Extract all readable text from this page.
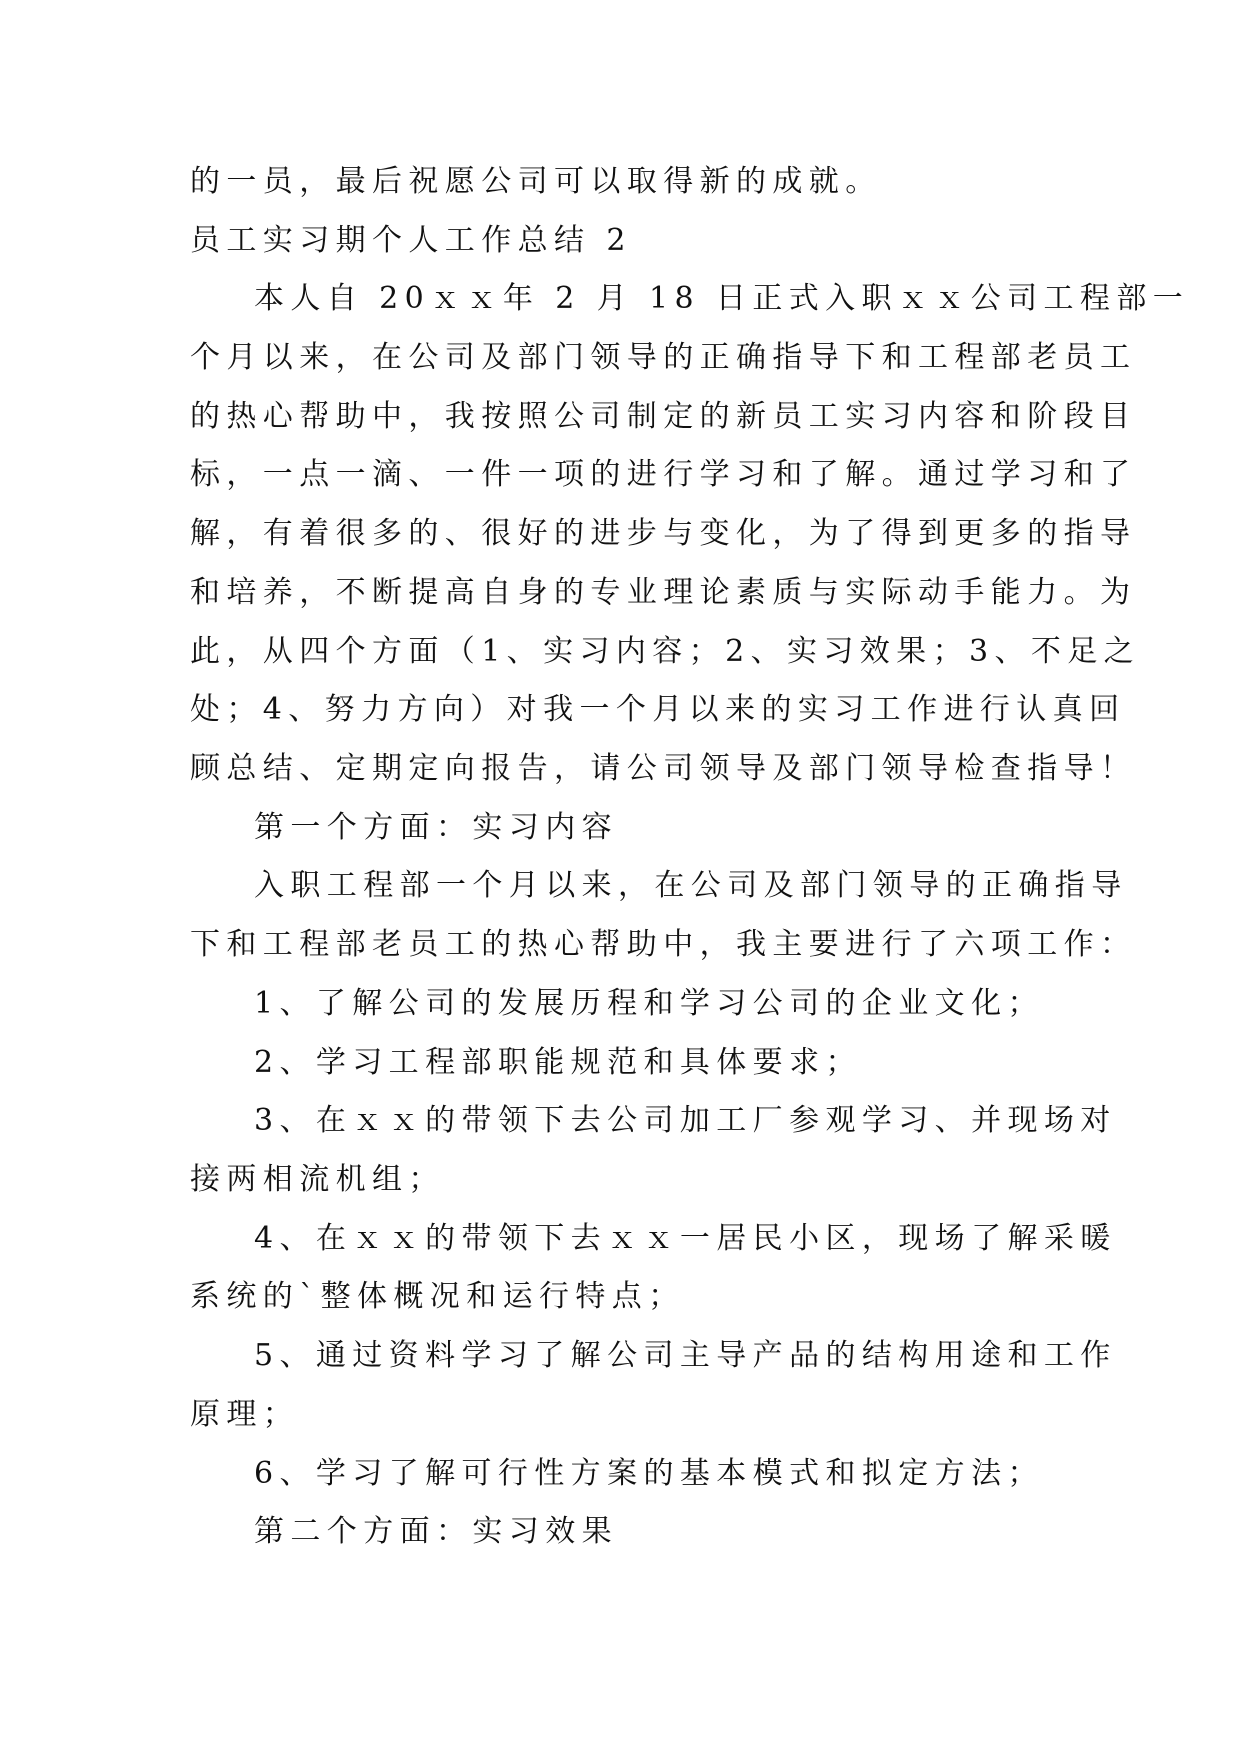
的一员，最后祝愿公司可以取得新的成就。

员工实习期个人工作总结 2

本人自 20ｘｘ年 2 月 18 日正式入职ｘｘ公司工程部一

个月以来，在公司及部门领导的正确指导下和工程部老员工

的热心帮助中，我按照公司制定的新员工实习内容和阶段目

标，一点一滴、一件一项的进行学习和了解。通过学习和了

解，有着很多的、很好的进步与变化，为了得到更多的指导

和培养，不断提高自身的专业理论素质与实际动手能力。为

此，从四个方面（1、实习内容；2、实习效果；3、不足之

处；4、努力方向）对我一个月以来的实习工作进行认真回

顾总结、定期定向报告，请公司领导及部门领导检查指导！

第一个方面：实习内容

入职工程部一个月以来，在公司及部门领导的正确指导

下和工程部老员工的热心帮助中，我主要进行了六项工作：

1、了解公司的发展历程和学习公司的企业文化；

2、学习工程部职能规范和具体要求；

3、在ｘｘ的带领下去公司加工厂参观学习、并现场对

接两相流机组；

4、在ｘｘ的带领下去ｘｘ一居民小区，现场了解采暖

系统的`整体概况和运行特点；

5、通过资料学习了解公司主导产品的结构用途和工作

原理；

6、学习了解可行性方案的基本模式和拟定方法；

第二个方面：实习效果
